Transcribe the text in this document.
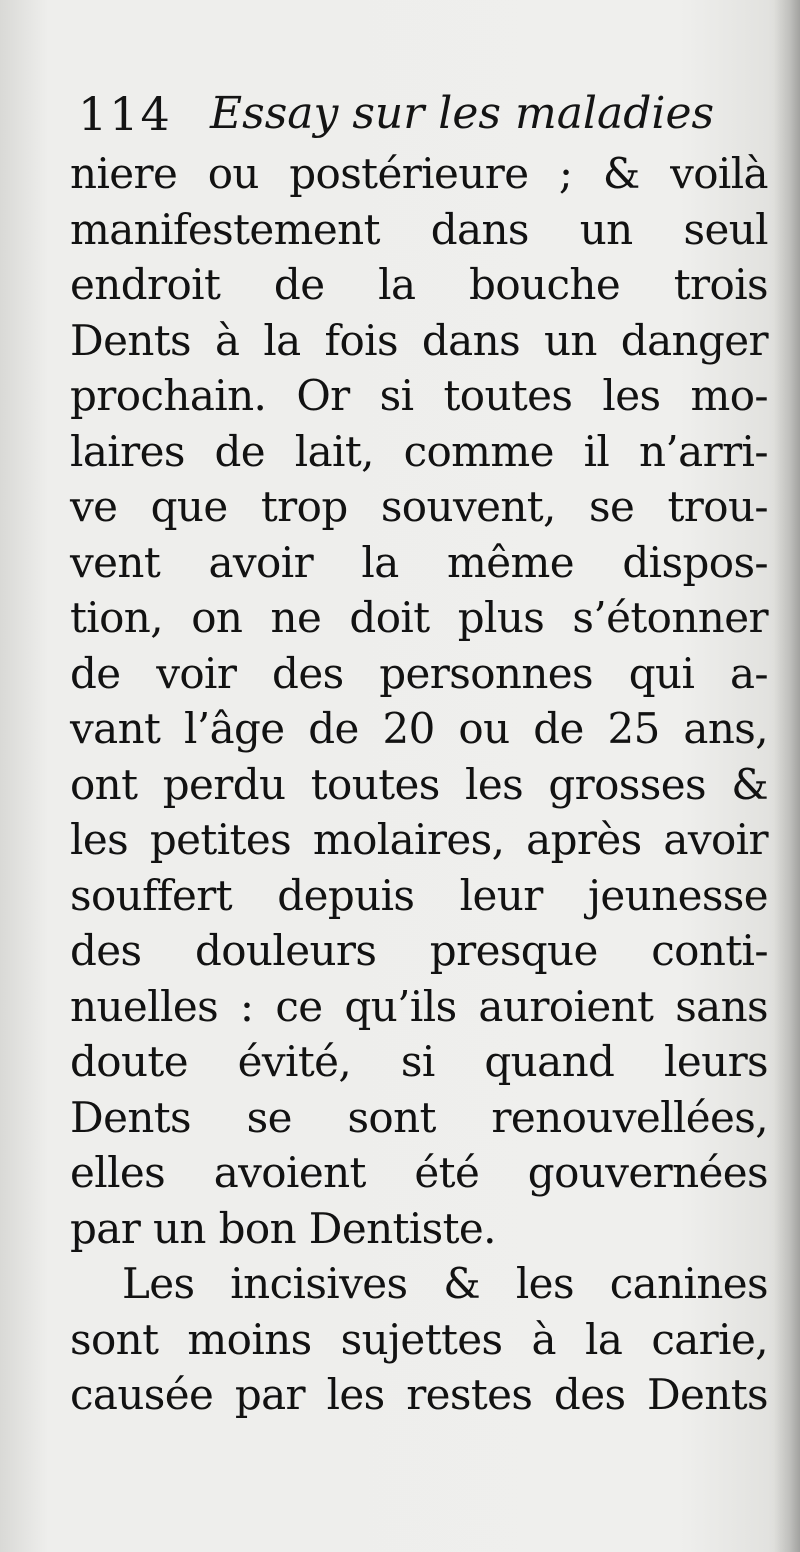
114 Essay sur les maladies
niere ou postérieure ; & voilà
manifestement dans un seul
endroit de la bouche trois
Dents à la fois dans un danger
prochain. Or si toutes les mo-
laires de lait, comme il n’arri-
ve que trop souvent, se trou-
vent avoir la même dispos-
tion, on ne doit plus s’étonner
de voir des personnes qui a-
vant l’âge de 20 ou de 25 ans,
ont perdu toutes les grosses &
les petites molaires, après avoir
souffert depuis leur jeunesse
des douleurs presque conti-
nuelles : ce qu’ils auroient sans
doute évité, si quand leurs
Dents se sont renouvellées,
elles avoient été gouvernées
par un bon Dentiste.
Les incisives & les canines
sont moins sujettes à la carie,
causée par les restes des Dents
